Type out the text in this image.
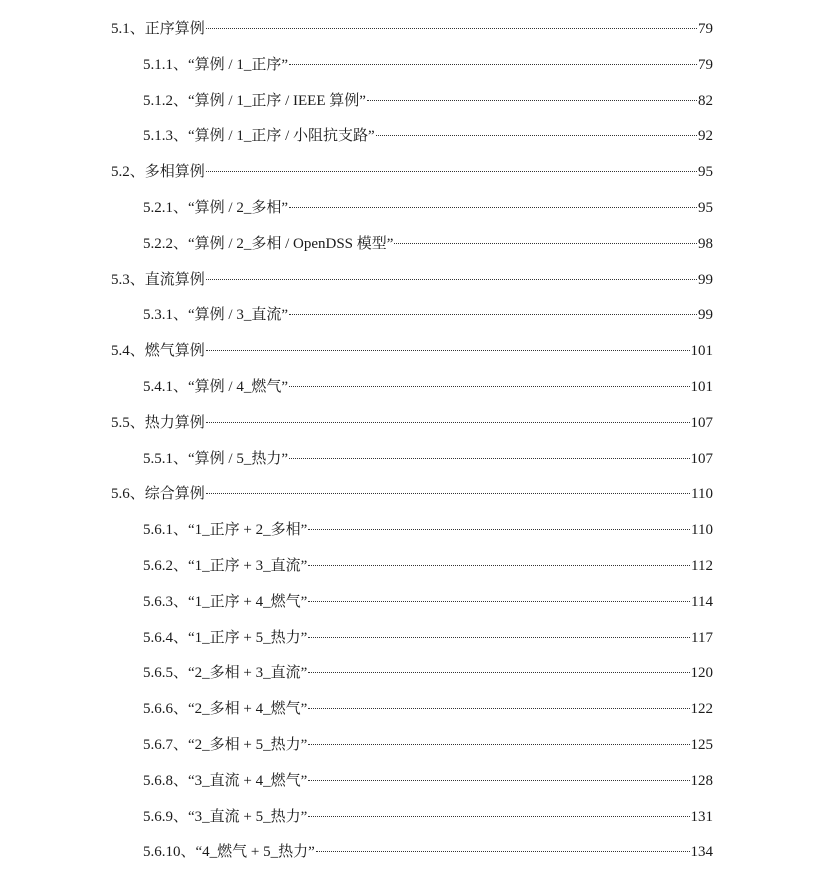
5.1、正序算例	79
5.1.1、“算例 / 1_正序”	79
5.1.2、“算例 / 1_正序 / IEEE 算例”	82
5.1.3、“算例 / 1_正序 / 小阻抗支路”	92
5.2、多相算例	95
5.2.1、“算例 / 2_多相”	95
5.2.2、“算例 / 2_多相 / OpenDSS 模型”	98
5.3、直流算例	99
5.3.1、“算例 / 3_直流”	99
5.4、燃气算例	101
5.4.1、“算例 / 4_燃气”	101
5.5、热力算例	107
5.5.1、“算例 / 5_热力”	107
5.6、综合算例	110
5.6.1、“1_正序 + 2_多相”	110
5.6.2、“1_正序 + 3_直流”	112
5.6.3、“1_正序 + 4_燃气”	114
5.6.4、“1_正序 + 5_热力”	117
5.6.5、“2_多相 + 3_直流”	120
5.6.6、“2_多相 + 4_燃气”	122
5.6.7、“2_多相 + 5_热力”	125
5.6.8、“3_直流 + 4_燃气”	128
5.6.9、“3_直流 + 5_热力”	131
5.6.10、“4_燃气 + 5_热力”	134
